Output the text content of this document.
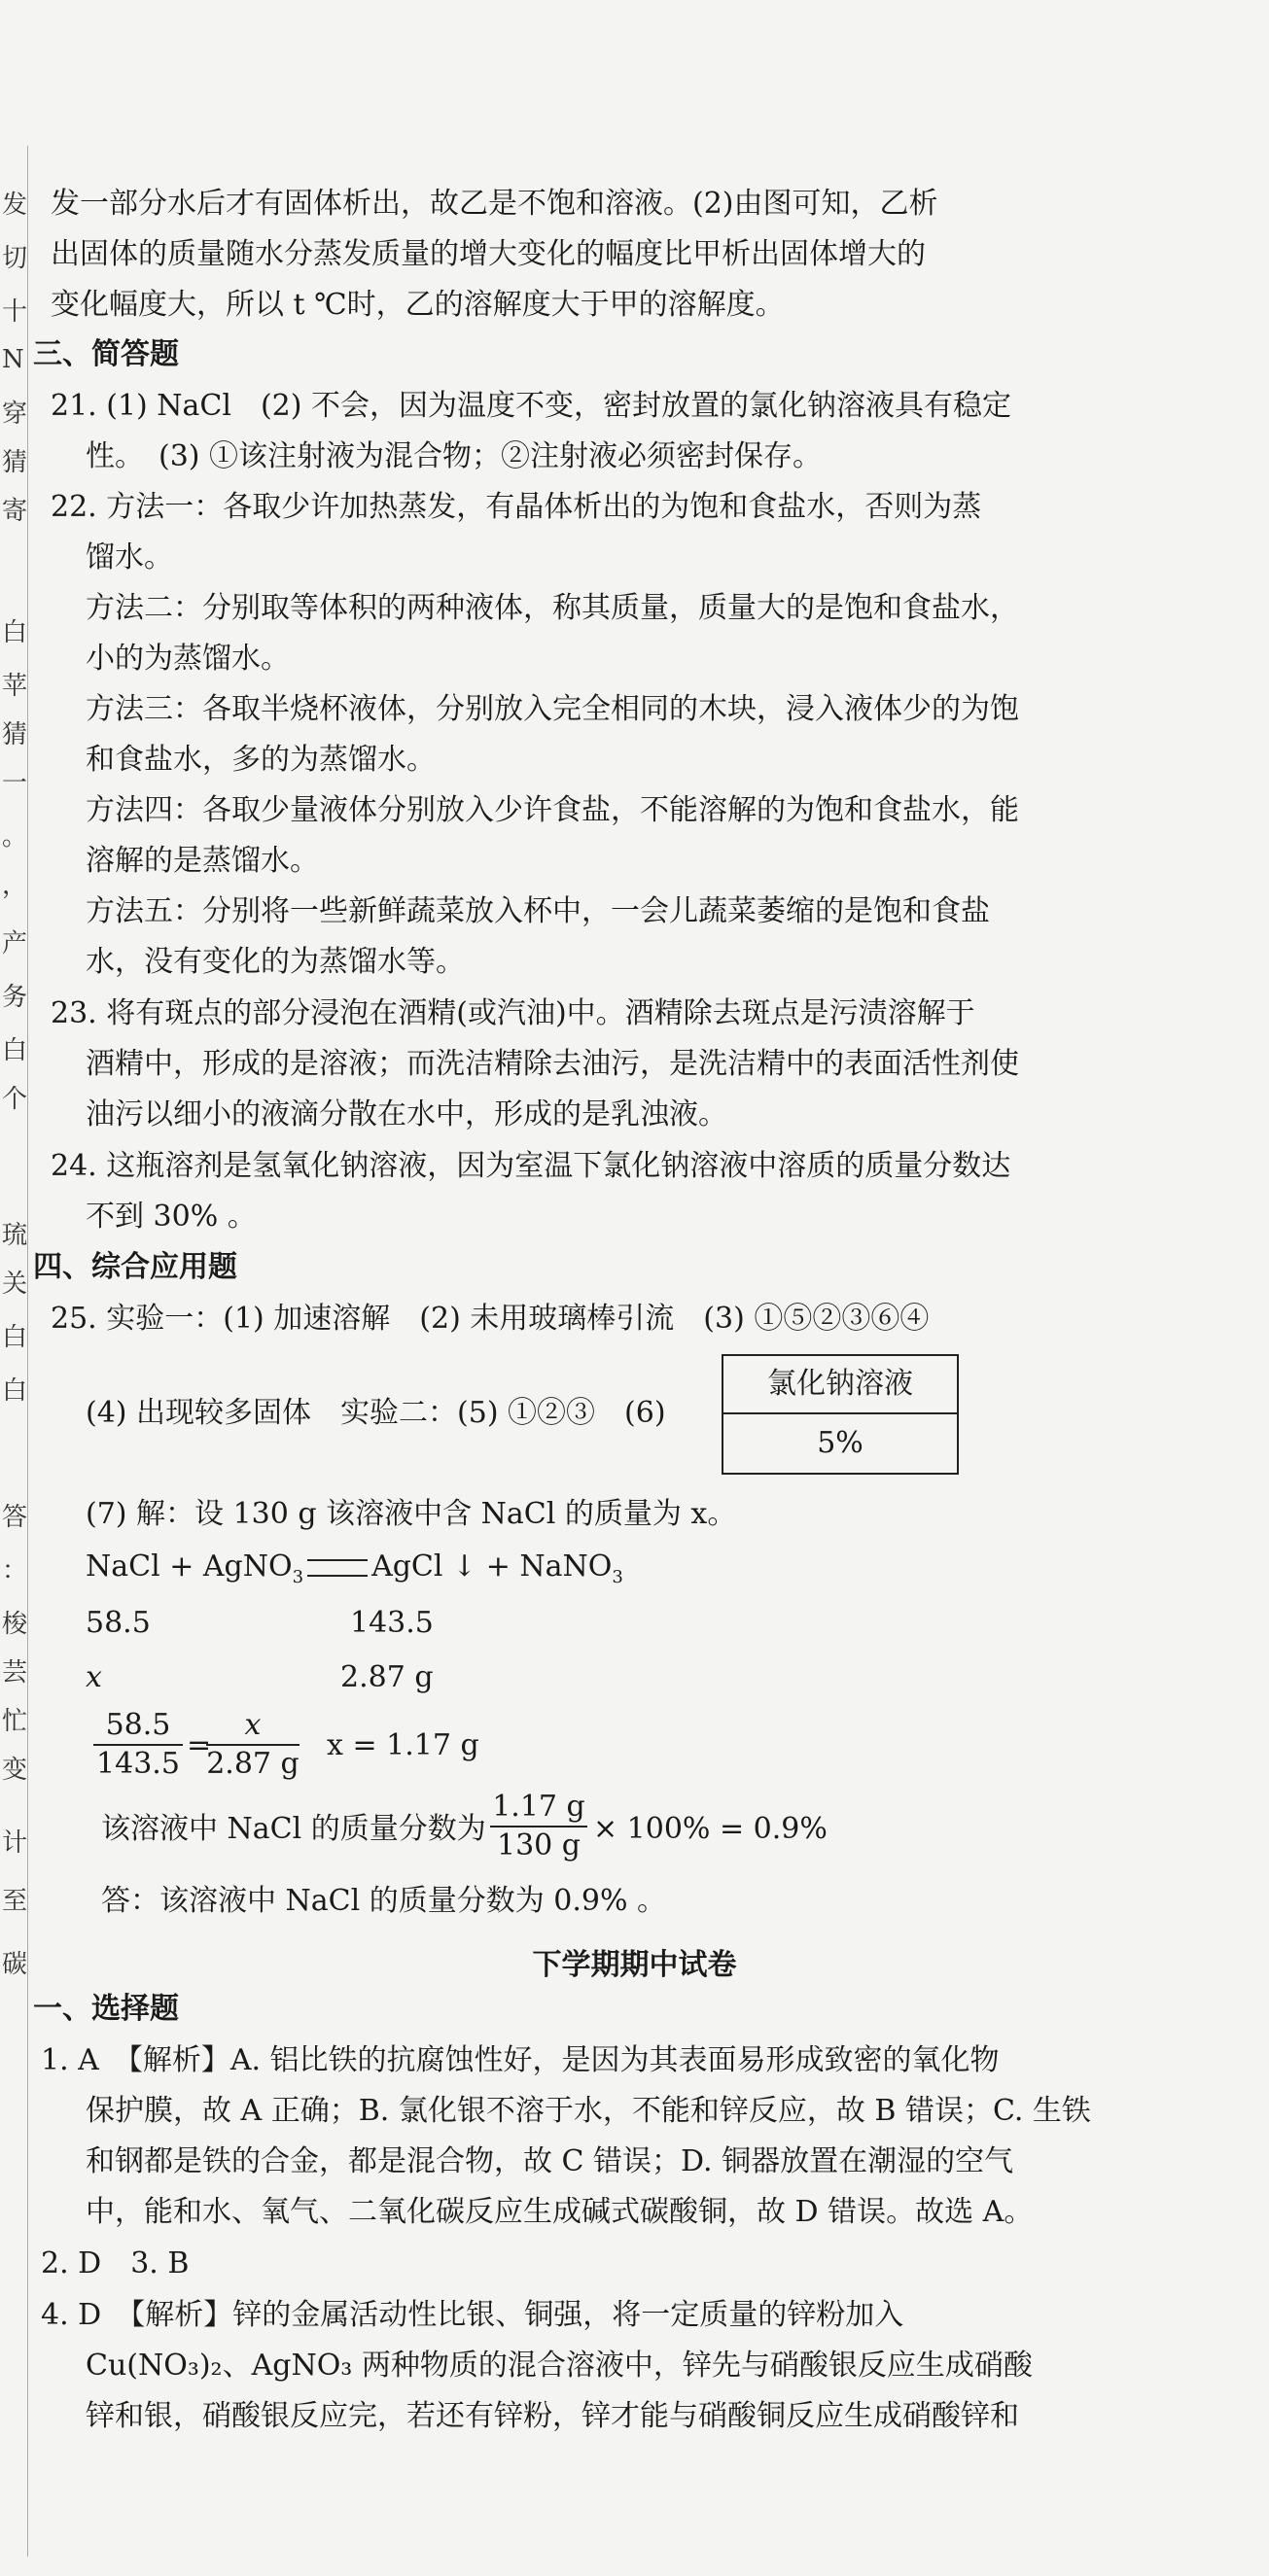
发
切
十
N
穿
猜
寄
白
苹
猜
一
。
，
产
务
白
个
琉
关
白
白
答
：
梭
芸
忙
变
计
至
碳
发一部分水后才有固体析出，故乙是不饱和溶液。(2)由图可知，乙析
出固体的质量随水分蒸发质量的增大变化的幅度比甲析出固体增大的
变化幅度大，所以 t ℃时，乙的溶解度大于甲的溶解度。
三、简答题
21. (1) NaCl　(2) 不会，因为温度不变，密封放置的氯化钠溶液具有稳定
性。　(3) ①该注射液为混合物；②注射液必须密封保存。
22. 方法一：各取少许加热蒸发，有晶体析出的为饱和食盐水，否则为蒸
馏水。
方法二：分别取等体积的两种液体，称其质量，质量大的是饱和食盐水，
小的为蒸馏水。
方法三：各取半烧杯液体，分别放入完全相同的木块，浸入液体少的为饱
和食盐水，多的为蒸馏水。
方法四：各取少量液体分别放入少许食盐，不能溶解的为饱和食盐水，能
溶解的是蒸馏水。
方法五：分别将一些新鲜蔬菜放入杯中，一会儿蔬菜萎缩的是饱和食盐
水，没有变化的为蒸馏水等。
23. 将有斑点的部分浸泡在酒精(或汽油)中。酒精除去斑点是污渍溶解于
酒精中，形成的是溶液；而洗洁精除去油污，是洗洁精中的表面活性剂使
油污以细小的液滴分散在水中，形成的是乳浊液。
24. 这瓶溶剂是氢氧化钠溶液，因为室温下氯化钠溶液中溶质的质量分数达
不到 30% 。
四、综合应用题
25. 实验一：(1) 加速溶解　(2) 未用玻璃棒引流　(3) ①⑤②③⑥④
(4) 出现较多固体　实验二：(5) ①②③　(6)
氯化钠溶液
5%
(7) 解：设 130 g 该溶液中含 NaCl 的质量为 x。
NaCl + AgNO$_3$ AgCl ↓ + NaNO$_3$
58.5	143.5
x	2.87 g
58.5
143.5
=
x
2.87 g
x = 1.17 g
该溶液中 NaCl 的质量分数为
1.17 g
130 g × 100% = 0.9%
答：该溶液中 NaCl 的质量分数为 0.9% 。
下学期期中试卷
一、选择题
1. A　【解析】A. 铝比铁的抗腐蚀性好，是因为其表面易形成致密的氧化物
保护膜，故 A 正确；B. 氯化银不溶于水，不能和锌反应，故 B 错误；C. 生铁
和钢都是铁的合金，都是混合物，故 C 错误；D. 铜器放置在潮湿的空气
中，能和水、氧气、二氧化碳反应生成碱式碳酸铜，故 D 错误。故选 A。
2. D　3. B
4. D　【解析】锌的金属活动性比银、铜强，将一定质量的锌粉加入
Cu(NO₃)₂、AgNO₃ 两种物质的混合溶液中，锌先与硝酸银反应生成硝酸
锌和银，硝酸银反应完，若还有锌粉，锌才能与硝酸铜反应生成硝酸锌和
